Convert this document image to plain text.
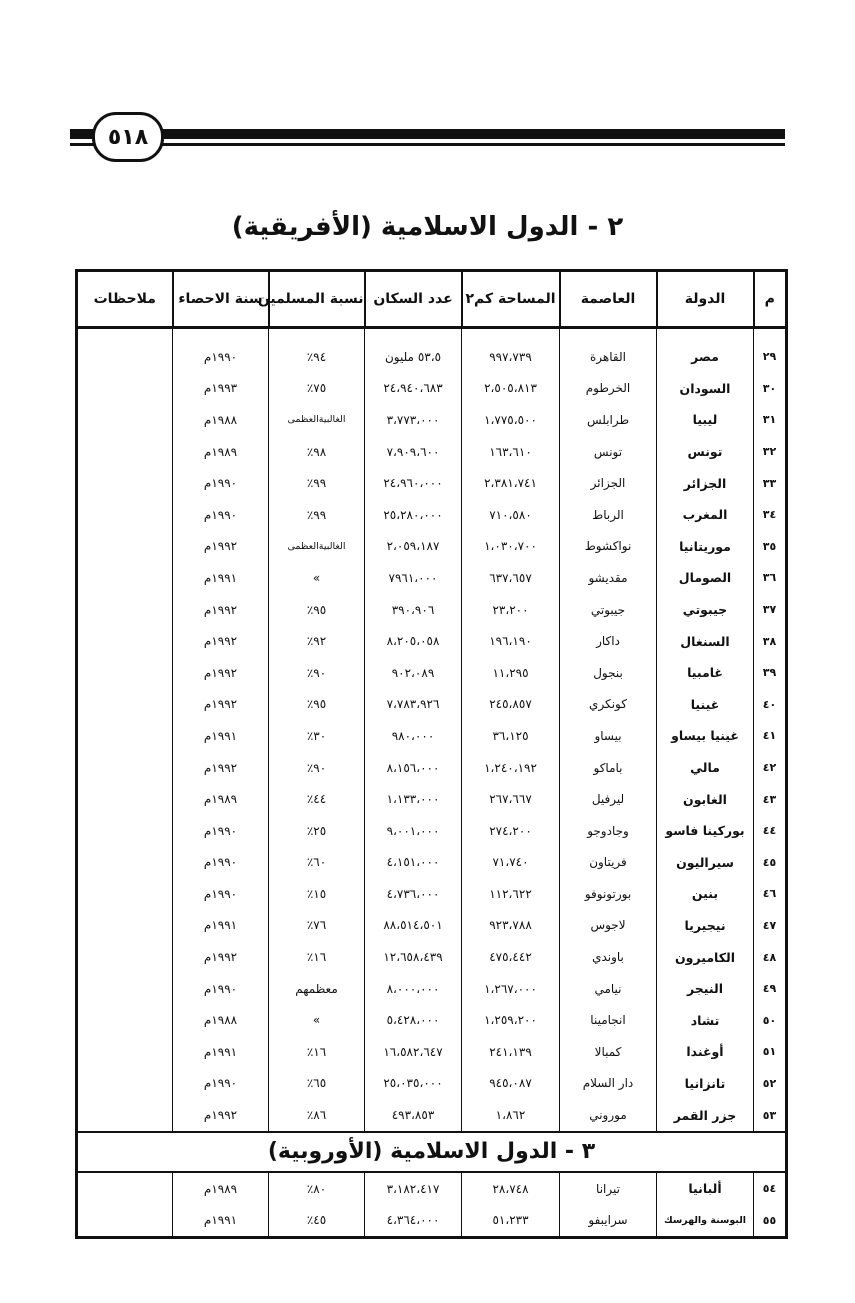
٥١٨
٢ - الدول الاسلامية (الأفريقية)
م	الدولة	العاصمة	المساحة كم٢	عدد السكان	نسبة المسلمين	سنة الاحصاء	ملاحظات
٢٩	مصر	القاهرة	٩٩٧،٧٣٩	٥٣،٥ مليون	٩٤٪	١٩٩٠م	
٣٠	السودان	الخرطوم	٢،٥٠٥،٨١٣	٢٤،٩٤٠،٦٨٣	٧٥٪	١٩٩٣م	
٣١	ليبيا	طرابلس	١،٧٧٥،٥٠٠	٣،٧٧٣،٠٠٠	الغالبيةالعظمى	١٩٨٨م	
٣٢	تونس	تونس	١٦٣،٦١٠	٧،٩٠٩،٦٠٠	٩٨٪	١٩٨٩م	
٣٣	الجزائر	الجزائر	٢،٣٨١،٧٤١	٢٤،٩٦٠،٠٠٠	٩٩٪	١٩٩٠م	
٣٤	المغرب	الرباط	٧١٠،٥٨٠	٢٥،٢٨٠،٠٠٠	٩٩٪	١٩٩٠م	
٣٥	موريتانيا	نواكشوط	١،٠٣٠،٧٠٠	٢،٠٥٩،١٨٧	الغالبيةالعظمى	١٩٩٢م	
٣٦	الصومال	مقديشو	٦٣٧،٦٥٧	٧٩٦١،٠٠٠	»	١٩٩١م	
٣٧	جيبوتي	جيبوتي	٢٣،٢٠٠	٣٩٠،٩٠٦	٩٥٪	١٩٩٢م	
٣٨	السنغال	داكار	١٩٦،١٩٠	٨،٢٠٥،٠٥٨	٩٢٪	١٩٩٢م	
٣٩	غامبيا	بنجول	١١،٢٩٥	٩٠٢،٠٨٩	٩٠٪	١٩٩٢م	
٤٠	غينيا	كونكري	٢٤٥،٨٥٧	٧،٧٨٣،٩٢٦	٩٥٪	١٩٩٢م	
٤١	غينيا بيساو	بيساو	٣٦،١٢٥	٩٨٠،٠٠٠	٣٠٪	١٩٩١م	
٤٢	مالي	باماكو	١،٢٤٠،١٩٢	٨،١٥٦،٠٠٠	٩٠٪	١٩٩٢م	
٤٣	الغابون	ليرفيل	٢٦٧،٦٦٧	١،١٣٣،٠٠٠	٤٤٪	١٩٨٩م	
٤٤	بوركينا فاسو	وجادوجو	٢٧٤،٢٠٠	٩،٠٠١،٠٠٠	٢٥٪	١٩٩٠م	
٤٥	سيراليون	فريتاون	٧١،٧٤٠	٤،١٥١،٠٠٠	٦٠٪	١٩٩٠م	
٤٦	بنين	بورتونوفو	١١٢،٦٢٢	٤،٧٣٦،٠٠٠	١٥٪	١٩٩٠م	
٤٧	نيجيريا	لاجوس	٩٢٣،٧٨٨	٨٨،٥١٤،٥٠١	٧٦٪	١٩٩١م	
٤٨	الكاميرون	باوندي	٤٧٥،٤٤٢	١٢،٦٥٨،٤٣٩	١٦٪	١٩٩٢م	
٤٩	النيجر	نيامي	١،٢٦٧،٠٠٠	٨،٠٠٠،٠٠٠	معظمهم	١٩٩٠م	
٥٠	تشاد	انجامينا	١،٢٥٩،٢٠٠	٥،٤٢٨،٠٠٠	»	١٩٨٨م	
٥١	أوغندا	كمبالا	٢٤١،١٣٩	١٦،٥٨٢،٦٤٧	١٦٪	١٩٩١م	
٥٢	تانزانيا	دار السلام	٩٤٥،٠٨٧	٢٥،٠٣٥،٠٠٠	٦٥٪	١٩٩٠م	
٥٣	جزر القمر	موروني	١،٨٦٢	٤٩٣،٨٥٣	٨٦٪	١٩٩٢م	
٣ - الدول الاسلامية (الأوروبية)							
٥٤	ألبانيا	تيرانا	٢٨،٧٤٨	٣،١٨٢،٤١٧	٨٠٪	١٩٨٩م	
٥٥	البوسنة والهرسك	سرايبفو	٥١،٢٣٣	٤،٣٦٤،٠٠٠	٤٥٪	١٩٩١م	
